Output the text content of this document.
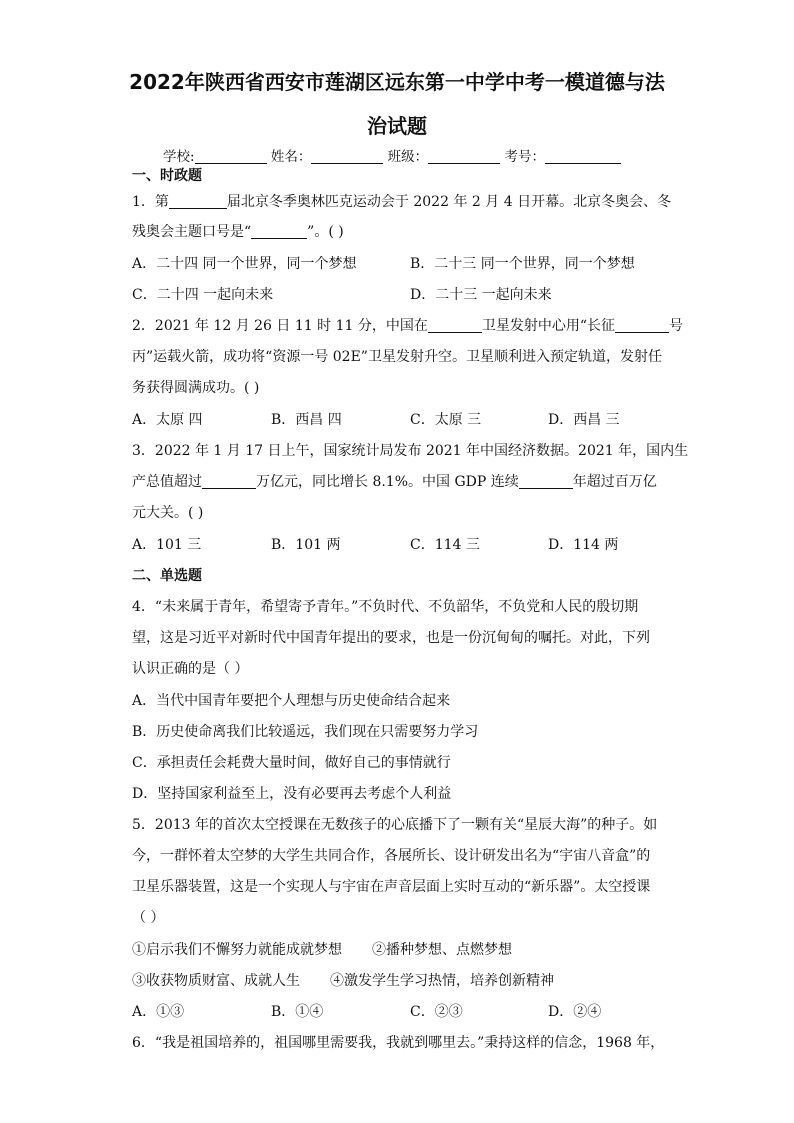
2022年陕西省西安市莲湖区远东第一中学中考一模道德与法
治试题
学校:	姓名：	班级：	考号：
一、时政题
1．第	届北京冬季奥林匹克运动会于 2022 年 2 月 4 日开幕。北京冬奥会、冬
残奥会主题口号是“	”。( )
A．二十四 同一个世界，同一个梦想	B．二十三 同一个世界，同一个梦想
C．二十四 一起向未来	D．二十三 一起向未来
2．2021 年 12 月 26 日 11 时 11 分，中国在	卫星发射中心用“长征	号
丙”运载火箭，成功将“资源一号 02E”卫星发射升空。卫星顺利进入预定轨道，发射任
务获得圆满成功。( )
A．太原 四	B．西昌 四	C．太原 三	D．西昌 三
3．2022 年 1 月 17 日上午，国家统计局发布 2021 年中国经济数据。2021 年，国内生
产总值超过	万亿元，同比增长 8.1%。中国 GDP 连续	年超过百万亿
元大关。( )
A．101 三	B．101 两	C．114 三	D．114 两
二、单选题
4．“未来属于青年，希望寄予青年。”不负时代、不负韶华，不负党和人民的殷切期
望，这是习近平对新时代中国青年提出的要求，也是一份沉甸甸的嘱托。对此，下列
认识正确的是（ ）
A．当代中国青年要把个人理想与历史使命结合起来
B．历史使命离我们比较遥远，我们现在只需要努力学习
C．承担责任会耗费大量时间，做好自己的事情就行
D．坚持国家利益至上，没有必要再去考虑个人利益
5．2013 年的首次太空授课在无数孩子的心底播下了一颗有关“星辰大海”的种子。如
今，一群怀着太空梦的大学生共同合作，各展所长、设计研发出名为“宇宙八音盒”的
卫星乐器装置，这是一个实现人与宇宙在声音层面上实时互动的“新乐器”。太空授课
（ ）
①启示我们不懈努力就能成就梦想 ②播种梦想、点燃梦想
③收获物质财富、成就人生 ④激发学生学习热情，培养创新精神
A．①③	B．①④	C．②③	D．②④
6．“我是祖国培养的，祖国哪里需要我，我就到哪里去。”秉持这样的信念，1968 年，
